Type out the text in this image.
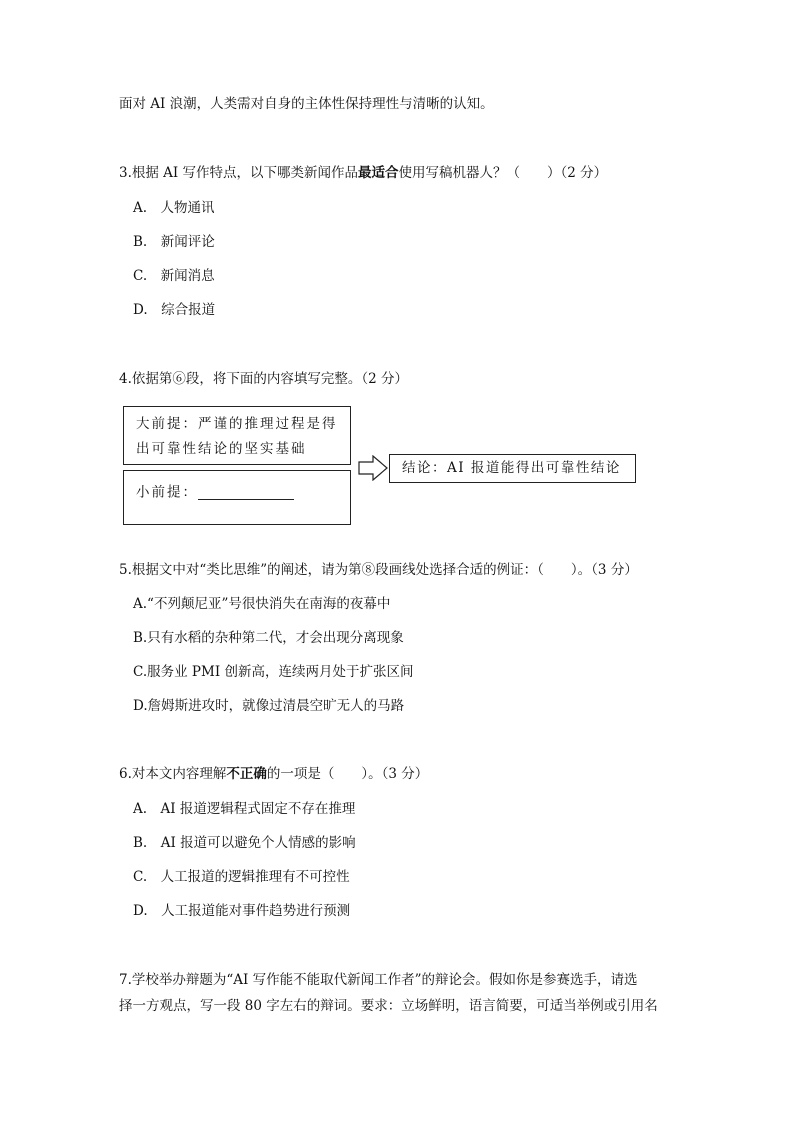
面对 AI 浪潮，人类需对自身的主体性保持理性与清晰的认知。
3.根据 AI 写作特点，以下哪类新闻作品最适合使用写稿机器人？（　　）（2 分）
A.　人物通讯
B.　新闻评论
C.　新闻消息
D.　综合报道
4.依据第⑥段，将下面的内容填写完整。（2 分）
大前提：严谨的推理过程是得
出可靠性结论的坚实基础
小前提：
结论：AI 报道能得出可靠性结论
5.根据文中对“类比思维”的阐述，请为第⑧段画线处选择合适的例证：（　　）。（3 分）
A.“不列颠尼亚”号很快消失在南海的夜幕中
B.只有水稻的杂种第二代，才会出现分离现象
C.服务业 PMI 创新高，连续两月处于扩张区间
D.詹姆斯进攻时，就像过清晨空旷无人的马路
6.对本文内容理解不正确的一项是（　　）。（3 分）
A.　AI 报道逻辑程式固定不存在推理
B.　AI 报道可以避免个人情感的影响
C.　人工报道的逻辑推理有不可控性
D.　人工报道能对事件趋势进行预测
7.学校举办辩题为“AI 写作能不能取代新闻工作者”的辩论会。假如你是参赛选手，请选
择一方观点，写一段 80 字左右的辩词。要求：立场鲜明，语言简要，可适当举例或引用名
